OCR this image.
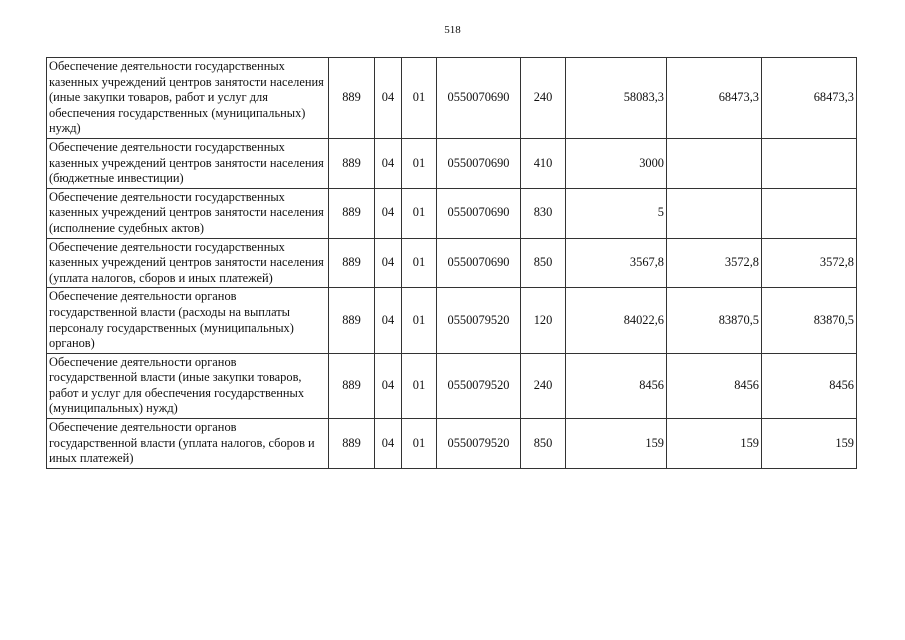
518
Обеспечение деятельности государственных казенных учреждений центров занятости населения (иные закупки товаров, работ и услуг для обеспечения государственных (муниципальных) нужд)	889	04	01	0550070690	240	58083,3	68473,3	68473,3
Обеспечение деятельности государственных казенных учреждений центров занятости населения (бюджетные инвестиции)	889	04	01	0550070690	410	3000		
Обеспечение деятельности государственных казенных учреждений центров занятости населения (исполнение судебных актов)	889	04	01	0550070690	830	5		
Обеспечение деятельности государственных казенных учреждений центров занятости населения (уплата налогов, сборов и иных платежей)	889	04	01	0550070690	850	3567,8	3572,8	3572,8
Обеспечение деятельности органов государственной власти (расходы на выплаты персоналу государственных (муниципальных) органов)	889	04	01	0550079520	120	84022,6	83870,5	83870,5
Обеспечение деятельности органов государственной власти (иные закупки товаров, работ и услуг для обеспечения государственных (муниципальных) нужд)	889	04	01	0550079520	240	8456	8456	8456
Обеспечение деятельности органов государственной власти (уплата налогов, сборов и иных платежей)	889	04	01	0550079520	850	159	159	159
